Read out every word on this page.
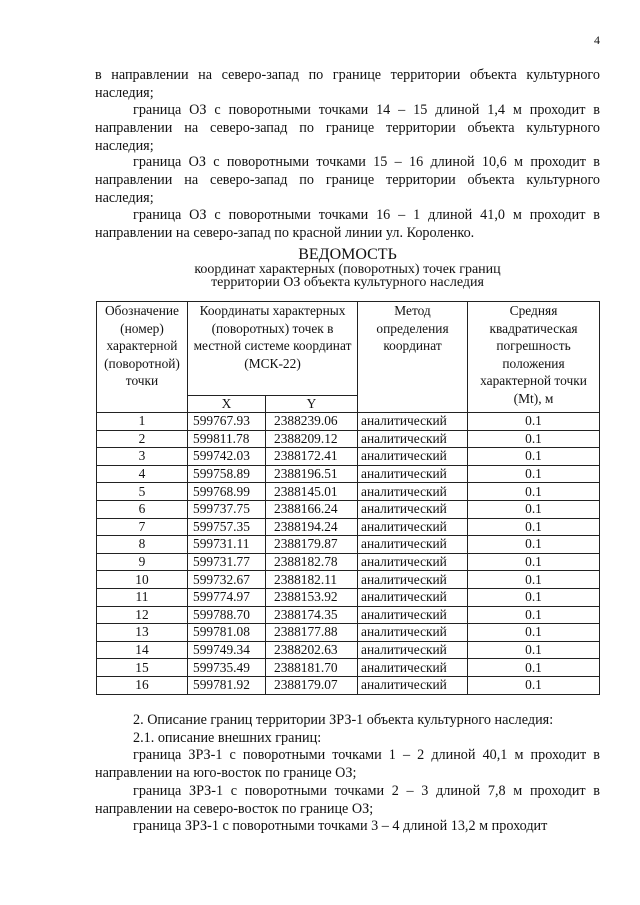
4
в направлении на северо-запад по границе территории объекта культурного наследия;
граница ОЗ с поворотными точками 14 – 15 длиной 1,4 м проходит в направлении на северо-запад по границе территории объекта культурного наследия;
граница ОЗ с поворотными точками 15 – 16 длиной 10,6 м проходит в направлении на северо-запад по границе территории объекта культурного наследия;
граница ОЗ с поворотными точками 16 – 1 длиной 41,0 м проходит в направлении на северо-запад по красной линии ул. Короленко.
ВЕДОМОСТЬ
координат характерных (поворотных) точек границ
территории ОЗ объекта культурного наследия
Обозначение (номер) характерной (поворотной) точки	Координаты характерных (поворотных) точек в местной системе координат (МСК-22)		Метод определения координат	Средняя квадратическая погрешность положения характерной точки (Mt), м
	X	Y		
1	599767.93	2388239.06	аналитический	0.1
2	599811.78	2388209.12	аналитический	0.1
3	599742.03	2388172.41	аналитический	0.1
4	599758.89	2388196.51	аналитический	0.1
5	599768.99	2388145.01	аналитический	0.1
6	599737.75	2388166.24	аналитический	0.1
7	599757.35	2388194.24	аналитический	0.1
8	599731.11	2388179.87	аналитический	0.1
9	599731.77	2388182.78	аналитический	0.1
10	599732.67	2388182.11	аналитический	0.1
11	599774.97	2388153.92	аналитический	0.1
12	599788.70	2388174.35	аналитический	0.1
13	599781.08	2388177.88	аналитический	0.1
14	599749.34	2388202.63	аналитический	0.1
15	599735.49	2388181.70	аналитический	0.1
16	599781.92	2388179.07	аналитический	0.1
2. Описание границ территории ЗРЗ-1 объекта культурного наследия:
2.1. описание внешних границ:
граница ЗРЗ-1 с поворотными точками 1 – 2 длиной 40,1 м проходит в направлении на юго-восток по границе ОЗ;
граница ЗРЗ-1 с поворотными точками 2 – 3 длиной 7,8 м проходит в направлении на северо-восток по границе ОЗ;
граница ЗРЗ-1 с поворотными точками 3 – 4 длиной 13,2 м проходит
